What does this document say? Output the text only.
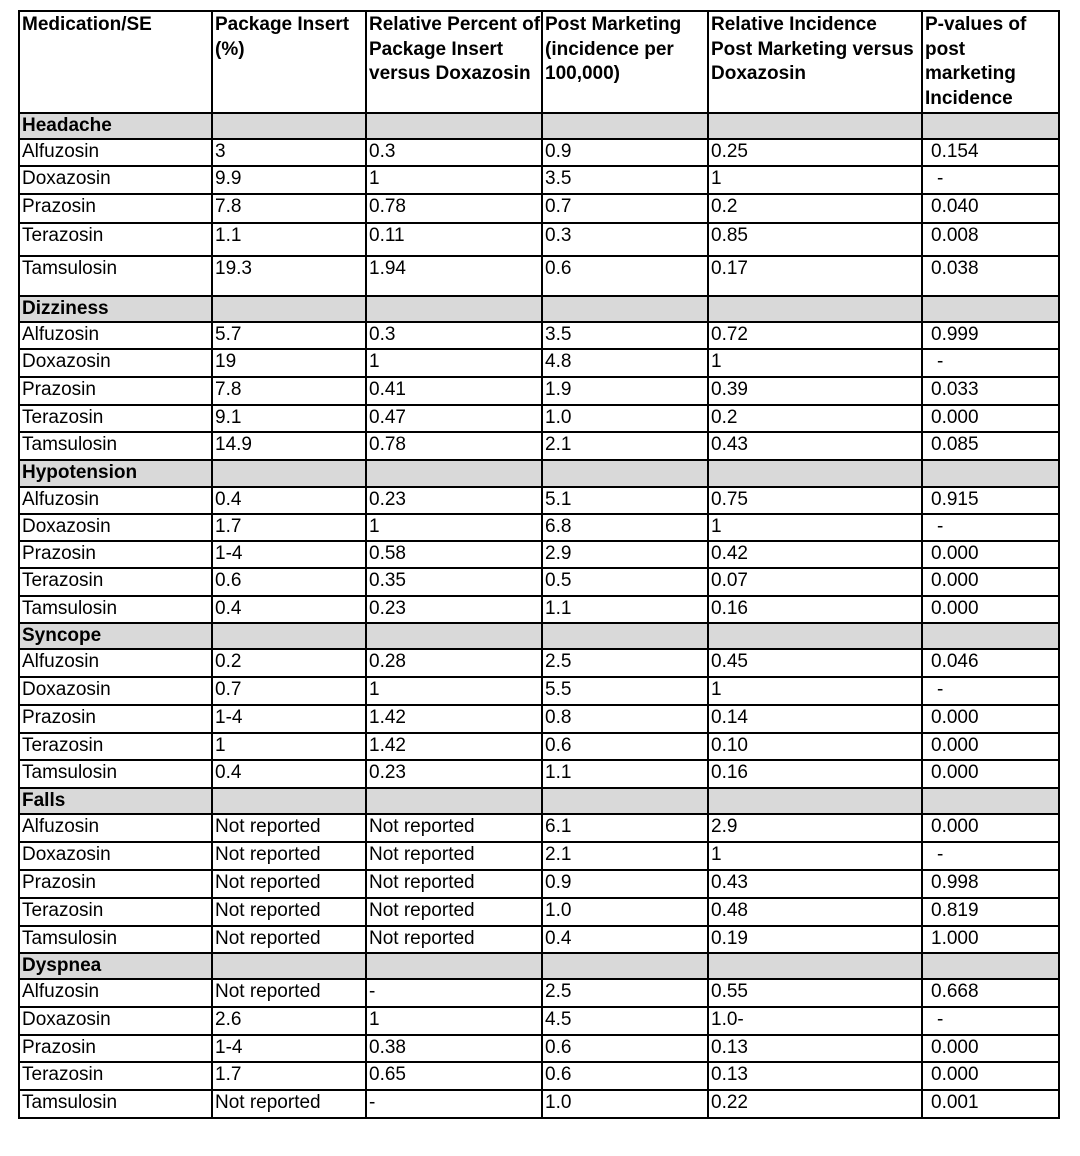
Medication/SE	Package Insert (%)	Relative Percent of Package Insert versus Doxazosin	Post Marketing (incidence per 100,000)	Relative Incidence Post Marketing versus Doxazosin	P-values of post marketing Incidence
Headache					
Alfuzosin	3	0.3	0.9	0.25	0.154
Doxazosin	9.9	1	3.5	1	-
Prazosin	7.8	0.78	0.7	0.2	0.040
Terazosin	1.1	0.11	0.3	0.85	0.008
Tamsulosin	19.3	1.94	0.6	0.17	0.038
Dizziness					
Alfuzosin	5.7	0.3	3.5	0.72	0.999
Doxazosin	19	1	4.8	1	-
Prazosin	7.8	0.41	1.9	0.39	0.033
Terazosin	9.1	0.47	1.0	0.2	0.000
Tamsulosin	14.9	0.78	2.1	0.43	0.085
Hypotension					
Alfuzosin	0.4	0.23	5.1	0.75	0.915
Doxazosin	1.7	1	6.8	1	-
Prazosin	1-4	0.58	2.9	0.42	0.000
Terazosin	0.6	0.35	0.5	0.07	0.000
Tamsulosin	0.4	0.23	1.1	0.16	0.000
Syncope					
Alfuzosin	0.2	0.28	2.5	0.45	0.046
Doxazosin	0.7	1	5.5	1	-
Prazosin	1-4	1.42	0.8	0.14	0.000
Terazosin	1	1.42	0.6	0.10	0.000
Tamsulosin	0.4	0.23	1.1	0.16	0.000
Falls					
Alfuzosin	Not reported	Not reported	6.1	2.9	0.000
Doxazosin	Not reported	Not reported	2.1	1	-
Prazosin	Not reported	Not reported	0.9	0.43	0.998
Terazosin	Not reported	Not reported	1.0	0.48	0.819
Tamsulosin	Not reported	Not reported	0.4	0.19	1.000
Dyspnea					
Alfuzosin	Not reported	-	2.5	0.55	0.668
Doxazosin	2.6	1	4.5	1.0-	-
Prazosin	1-4	0.38	0.6	0.13	0.000
Terazosin	1.7	0.65	0.6	0.13	0.000
Tamsulosin	Not reported	-	1.0	0.22	0.001
